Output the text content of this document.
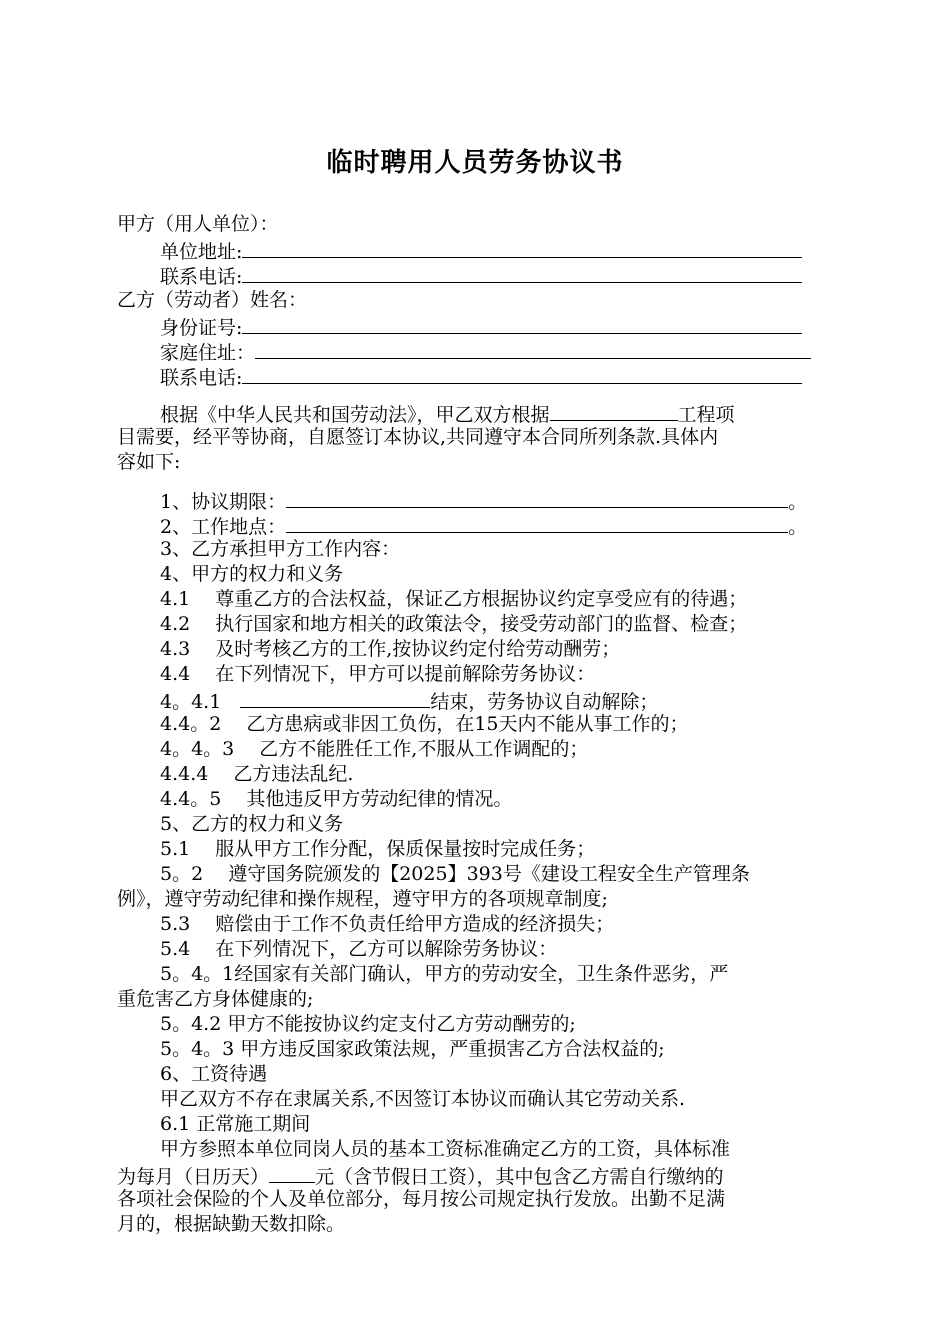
临时聘用人员劳务协议书
甲方（用人单位）：
单位地址:
联系电话:
乙方（劳动者）姓名：
身份证号:
家庭住址：
联系电话:
根据《中华人民共和国劳动法》，甲乙双方根据	工程项
目需要，经平等协商，自愿签订本协议,共同遵守本合同所列条款.具体内
容如下:
1、协议期限：	。
2、工作地点：	。
3、乙方承担甲方工作内容：
4、甲方的权力和义务
4.1　 尊重乙方的合法权益，保证乙方根据协议约定享受应有的待遇；
4.2　 执行国家和地方相关的政策法令，接受劳动部门的监督、检查；
4.3　 及时考核乙方的工作,按协议约定付给劳动酬劳；
4.4　 在下列情况下，甲方可以提前解除劳务协议：
4。4.1　	结束，劳务协议自动解除；
4.4。2　 乙方患病或非因工负伤，在15天内不能从事工作的；
4。4。3　 乙方不能胜任工作,不服从工作调配的；
4.4.4　 乙方违法乱纪.
4.4。5　 其他违反甲方劳动纪律的情况。
5、乙方的权力和义务
5.1　 服从甲方工作分配，保质保量按时完成任务；
5。2　 遵守国务院颁发的【2025】393号《建设工程安全生产管理条
例》，遵守劳动纪律和操作规程，遵守甲方的各项规章制度;
5.3　 赔偿由于工作不负责任给甲方造成的经济损失；
5.4　 在下列情况下，乙方可以解除劳务协议：
5。4。1经国家有关部门确认，甲方的劳动安全，卫生条件恶劣，严
重危害乙方身体健康的;
5。4.2 甲方不能按协议约定支付乙方劳动酬劳的;
5。4。3 甲方违反国家政策法规，严重损害乙方合法权益的;
6、工资待遇
甲乙双方不存在隶属关系,不因签订本协议而确认其它劳动关系.
6.1 正常施工期间
甲方参照本单位同岗人员的基本工资标准确定乙方的工资，具体标准
为每月（日历天） 元（含节假日工资），其中包含乙方需自行缴纳的
各项社会保险的个人及单位部分，每月按公司规定执行发放。出勤不足满
月的，根据缺勤天数扣除。
